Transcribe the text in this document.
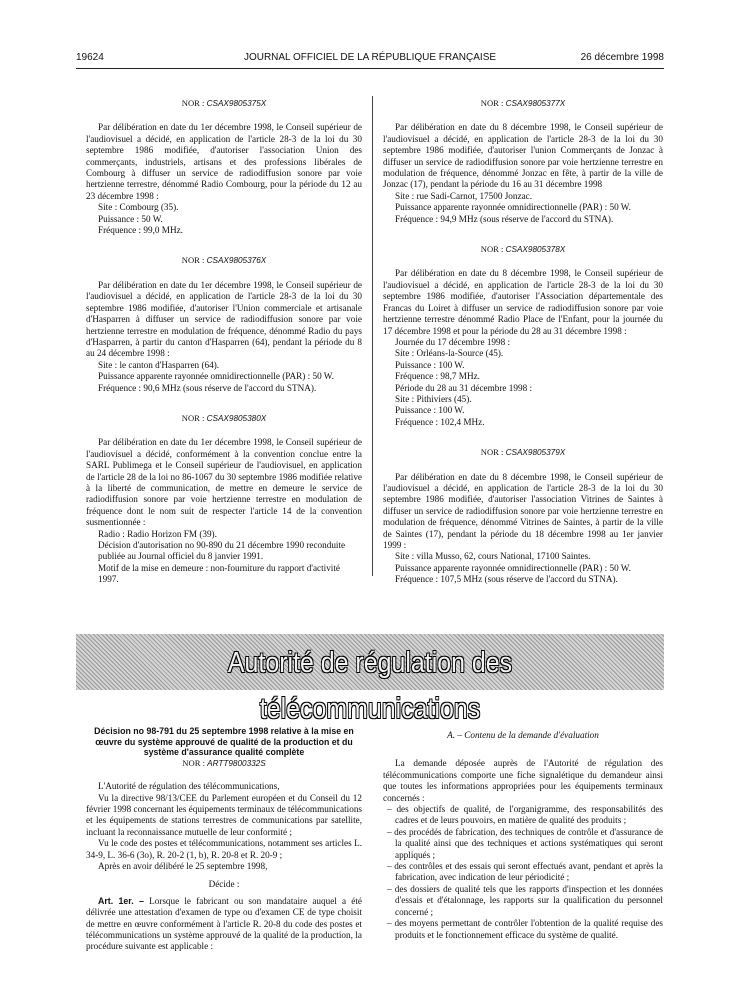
19624	JOURNAL OFFICIEL DE LA RÉPUBLIQUE FRANÇAISE	26 décembre 1998

NOR : CSAX9805375X

Par délibération en date du 1er décembre 1998, le Conseil supérieur de l'audiovisuel a décidé, en application de l'article 28-3 de la loi du 30 septembre 1986 modifiée, d'autoriser l'association Union des commerçants, industriels, artisans et des professions libérales de Combourg à diffuser un service de radiodiffusion sonore par voie hertzienne terrestre, dénommé Radio Combourg, pour la période du 12 au 23 décembre 1998 :

Site : Combourg (35).

Puissance : 50 W.

Fréquence : 99,0 MHz.

NOR : CSAX9805376X

Par délibération en date du 1er décembre 1998, le Conseil supérieur de l'audiovisuel a décidé, en application de l'article 28-3 de la loi du 30 septembre 1986 modifiée, d'autoriser l'Union commerciale et artisanale d'Hasparren à diffuser un service de radiodiffusion sonore par voie hertzienne terrestre en modulation de fréquence, dénommé Radio du pays d'Hasparren, à partir du canton d'Hasparren (64), pendant la période du 8 au 24 décembre 1998 :

Site : le canton d'Hasparren (64).

Puissance apparente rayonnée omnidirectionnelle (PAR) : 50 W.

Fréquence : 90,6 MHz (sous réserve de l'accord du STNA).

NOR : CSAX9805380X

Par délibération en date du 1er décembre 1998, le Conseil supérieur de l'audiovisuel a décidé, conformément à la convention conclue entre la SARL Publimega et le Conseil supérieur de l'audiovisuel, en application de l'article 28 de la loi no 86-1067 du 30 septembre 1986 modifiée relative à la liberté de communication, de mettre en demeure le service de radiodiffusion sonore par voie hertzienne terrestre en modulation de fréquence dont le nom suit de respecter l'article 14 de la convention susmentionnée :

Radio : Radio Horizon FM (39).

Décision d'autorisation no 90-890 du 21 décembre 1990 reconduite publiée au Journal officiel du 8 janvier 1991.

Motif de la mise en demeure : non-fourniture du rapport d'activité 1997.

NOR : CSAX9805377X

Par délibération en date du 8 décembre 1998, le Conseil supérieur de l'audiovisuel a décidé, en application de l'article 28-3 de la loi du 30 septembre 1986 modifiée, d'autoriser l'union Commerçants de Jonzac à diffuser un service de radiodiffusion sonore par voie hertzienne terrestre en modulation de fréquence, dénommé Jonzac en fête, à partir de la ville de Jonzac (17), pendant la période du 16 au 31 décembre 1998

Site : rue Sadi-Carnot, 17500 Jonzac.

Puissance apparente rayonnée omnidirectionnelle (PAR) : 50 W.

Fréquence : 94,9 MHz (sous réserve de l'accord du STNA).

NOR : CSAX9805378X

Par délibération en date du 8 décembre 1998, le Conseil supérieur de l'audiovisuel a décidé, en application de l'article 28-3 de la loi du 30 septembre 1986 modifiée, d'autoriser l'Association départementale des Francas du Loiret à diffuser un service de radiodiffusion sonore par voie hertzienne terrestre dénommé Radio Place de l'Enfant, pour la journée du 17 décembre 1998 et pour la période du 28 au 31 décembre 1998 :

Journée du 17 décembre 1998 :

Site : Orléans-la-Source (45).

Puissance : 100 W.

Fréquence : 98,7 MHz.

Période du 28 au 31 décembre 1998 :

Site : Pithiviers (45).

Puissance : 100 W.

Fréquence : 102,4 MHz.

NOR : CSAX9805379X

Par délibération en date du 8 décembre 1998, le Conseil supérieur de l'audiovisuel a décidé, en application de l'article 28-3 de la loi du 30 septembre 1986 modifiée, d'autoriser l'association Vitrines de Saintes à diffuser un service de radiodiffusion sonore par voie hertzienne terrestre en modulation de fréquence, dénommé Vitrines de Saintes, à partir de la ville de Saintes (17), pendant la période du 18 décembre 1998 au 1er janvier 1999 :

Site : villa Musso, 62, cours National, 17100 Saintes.

Puissance apparente rayonnée omnidirectionnelle (PAR) : 50 W.

Fréquence : 107,5 MHz (sous réserve de l'accord du STNA).

Autorité de régulation des télécommunications

Décision no 98-791 du 25 septembre 1998 relative à la mise en œuvre du système approuvé de qualité de la production et du système d'assurance qualité complète

NOR : ARTT9800332S

L'Autorité de régulation des télécommunications,

Vu la directive 98/13/CEE du Parlement européen et du Conseil du 12 février 1998 concernant les équipements terminaux de télécommunications et les équipements de stations terrestres de communications par satellite, incluant la reconnaissance mutuelle de leur conformité ;

Vu le code des postes et télécommunications, notamment ses articles L. 34-9, L. 36-6 (3o), R. 20-2 (1, b), R. 20-8 et R. 20-9 ;

Après en avoir délibéré le 25 septembre 1998,

Décide :

Art. 1er. – Lorsque le fabricant ou son mandataire auquel a été délivrée une attestation d'examen de type ou d'examen CE de type choisit de mettre en œuvre conformément à l'article R. 20-8 du code des postes et télécommunications un système approuvé de la qualité de la production, la procédure suivante est applicable :

A. – Contenu de la demande d'évaluation

La demande déposée auprès de l'Autorité de régulation des télécommunications comporte une fiche signalétique du demandeur ainsi que toutes les informations appropriées pour les équipements terminaux concernés :

– des objectifs de qualité, de l'organigramme, des responsabilités des cadres et de leurs pouvoirs, en matière de qualité des produits ;
– des procédés de fabrication, des techniques de contrôle et d'assurance de la qualité ainsi que des techniques et actions systématiques qui seront appliqués ;
– des contrôles et des essais qui seront effectués avant, pendant et après la fabrication, avec indication de leur périodicité ;
– des dossiers de qualité tels que les rapports d'inspection et les données d'essais et d'étalonnage, les rapports sur la qualification du personnel concerné ;
– des moyens permettant de contrôler l'obtention de la qualité requise des produits et le fonctionnement efficace du système de qualité.
